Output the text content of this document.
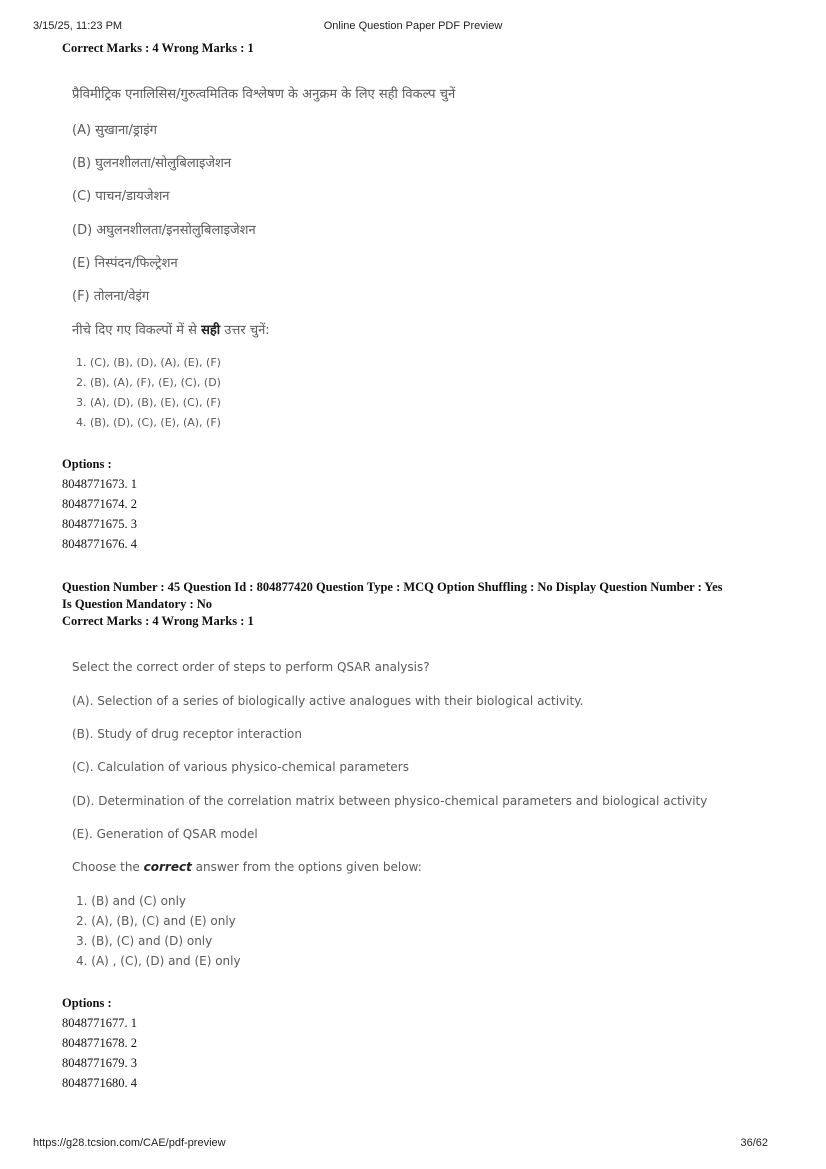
3/15/25, 11:23 PM	Online Question Paper PDF Preview
Correct Marks : 4 Wrong Marks : 1
प्रैविमीट्रिक एनालिसिस/गुरुत्वमितिक विश्लेषण के अनुक्रम के लिए सही विकल्प चुनें
(A) सुखाना/ड्राइंग
(B) घुलनशीलता/सोलुबिलाइजेशन
(C) पाचन/डायजेशन
(D) अघुलनशीलता/इनसोलुबिलाइजेशन
(E) निस्पंदन/फिल्ट्रेशन
(F) तोलना/वेइंग
नीचे दिए गए विकल्पों में से सही उत्तर चुनें:
1. (C), (B), (D), (A), (E), (F)
2. (B), (A), (F), (E), (C), (D)
3. (A), (D), (B), (E), (C), (F)
4. (B), (D), (C), (E), (A), (F)
Options :
8048771673. 1
8048771674. 2
8048771675. 3
8048771676. 4
Question Number : 45 Question Id : 804877420 Question Type : MCQ Option Shuffling : No Display Question Number : Yes
Is Question Mandatory : No
Correct Marks : 4 Wrong Marks : 1
Select the correct order of steps to perform QSAR analysis?
(A). Selection of a series of biologically active analogues with their biological activity.
(B). Study of drug receptor interaction
(C). Calculation of various physico-chemical parameters
(D). Determination of the correlation matrix between physico-chemical parameters and biological activity
(E). Generation of QSAR model
Choose the correct answer from the options given below:
1. (B) and (C) only
2. (A), (B), (C) and (E) only
3. (B), (C) and (D) only
4. (A) , (C), (D) and (E) only
Options :
8048771677. 1
8048771678. 2
8048771679. 3
8048771680. 4
https://g28.tcsion.com/CAE/pdf-preview	36/62
